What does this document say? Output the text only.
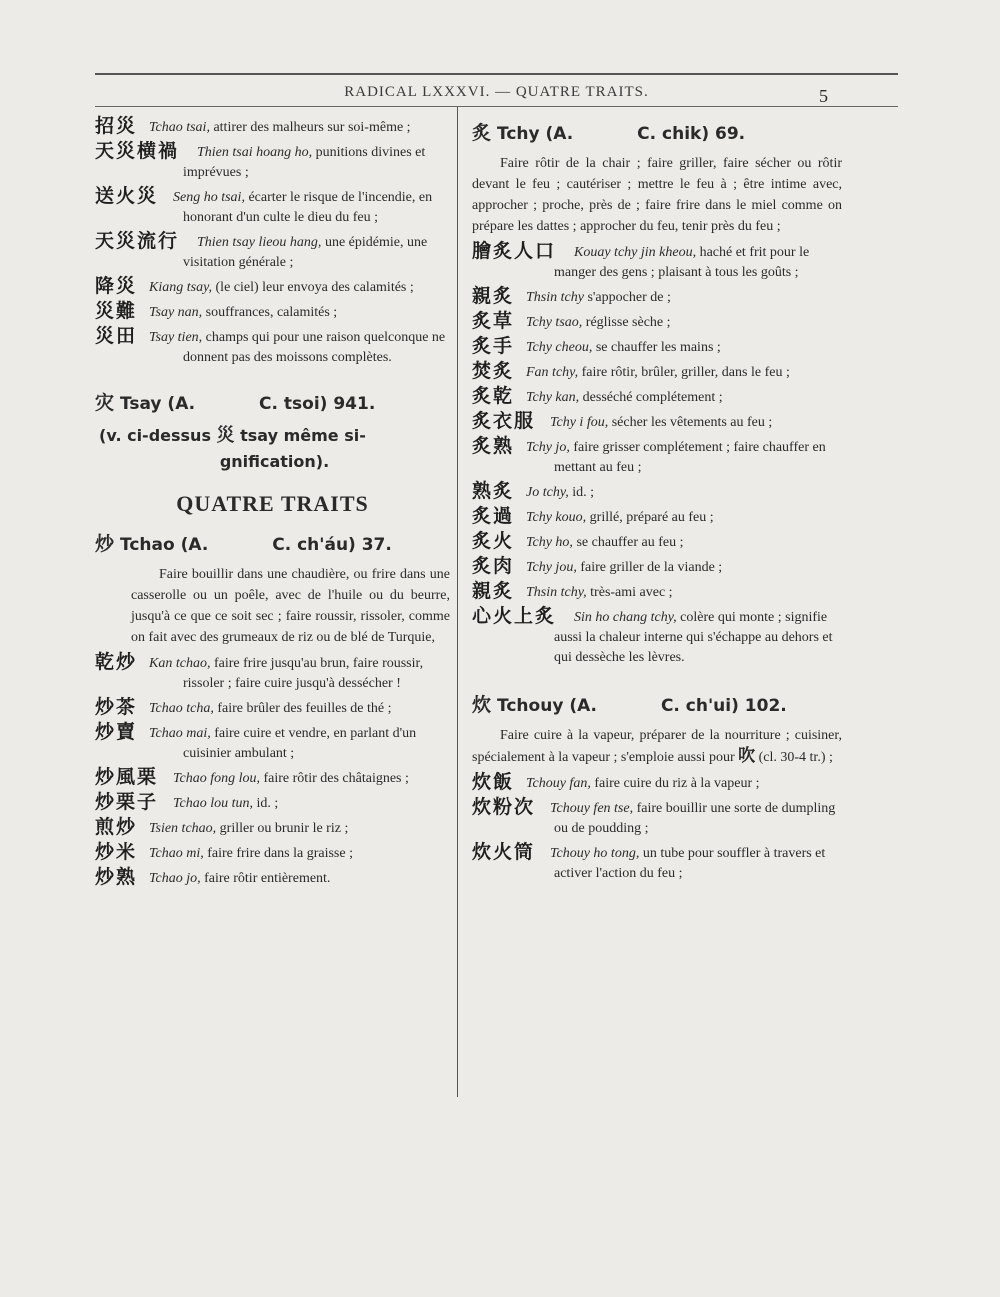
RADICAL LXXXVI. — QUATRE TRAITS.	5
招災 Tchao tsai, attirer des malheurs sur soi-même ;
天災横禍	Thien tsai hoang ho, punitions divines et imprévues ;
送火災	Seng ho tsai, écarter le risque de l'incendie, en honorant d'un culte le dieu du feu ;
天災流行	Thien tsay lieou hang, une épidémie, une visitation générale ;
降災 Kiang tsay, (le ciel) leur envoya des calamités ;
災難 Tsay nan, souffrances, calamités ;
災田 Tsay tien, champs qui pour une raison quelconque ne donnent pas des moissons complètes.
灾 Tsay (A.	C. tsoi) 941.
(v. ci-dessus 災 tsay même si-
gnification).
QUATRE TRAITS
炒 Tchao (A.	C. ch'áu) 37.

Faire bouillir dans une chaudière, ou frire dans une casserolle ou un poêle, avec de l'huile ou du beurre, jusqu'à ce que ce soit sec ; faire roussir, rissoler, comme on fait avec des grumeaux de riz ou de blé de Turquie,

乾炒 Kan tchao, faire frire jusqu'au brun, faire roussir, rissoler ; faire cuire jusqu'à dessécher !
炒茶 Tchao tcha, faire brûler des feuilles de thé ;
炒賣 Tchao mai, faire cuire et vendre, en parlant d'un cuisinier ambulant ;
炒風栗	Tchao fong lou, faire rôtir des châtaignes ;
炒栗子	Tchao lou tun, id. ;
煎炒 Tsien tchao, griller ou brunir le riz ;
炒米 Tchao mi, faire frire dans la graisse ;
炒熟 Tchao jo, faire rôtir entièrement.
炙 Tchy (A.	C. chik) 69.

Faire rôtir de la chair ; faire griller, faire sécher ou rôtir devant le feu ; cautériser ; mettre le feu à ; être intime avec, approcher ; proche, près de ; faire frire dans le miel comme on prépare les dattes ; approcher du feu, tenir près du feu ;

膾炙人口	Kouay tchy jin kheou, haché et frit pour le manger des gens ; plaisant à tous les goûts ;
親炙 Thsin tchy s'appocher de ;
炙草 Tchy tsao, réglisse sèche ;
炙手 Tchy cheou, se chauffer les mains ;
焚炙 Fan tchy, faire rôtir, brûler, griller, dans le feu ;
炙乾 Tchy kan, desséché complétement ;
炙衣服	Tchy i fou, sécher les vêtements au feu ;
炙熟 Tchy jo, faire grisser complétement ; faire chauffer en mettant au feu ;
熟炙 Jo tchy, id. ;
炙過 Tchy kouo, grillé, préparé au feu ;
炙火 Tchy ho, se chauffer au feu ;
炙肉 Tchy jou, faire griller de la viande ;
親炙 Thsin tchy, très-ami avec ;
心火上炙	Sin ho chang tchy, colère qui monte ; signifie aussi la chaleur interne qui s'échappe au dehors et qui dessèche les lèvres.
炊 Tchouy (A.	C. ch'ui) 102.

Faire cuire à la vapeur, préparer de la nourriture ; cuisiner, spécialement à la vapeur ; s'emploie aussi pour 吹 (cl. 30-4 tr.) ;

炊飯 Tchouy fan, faire cuire du riz à la vapeur ;
炊粉次	Tchouy fen tse, faire bouillir une sorte de dumpling ou de poudding ;
炊火筒	Tchouy ho tong, un tube pour souffler à travers et activer l'action du feu ;
